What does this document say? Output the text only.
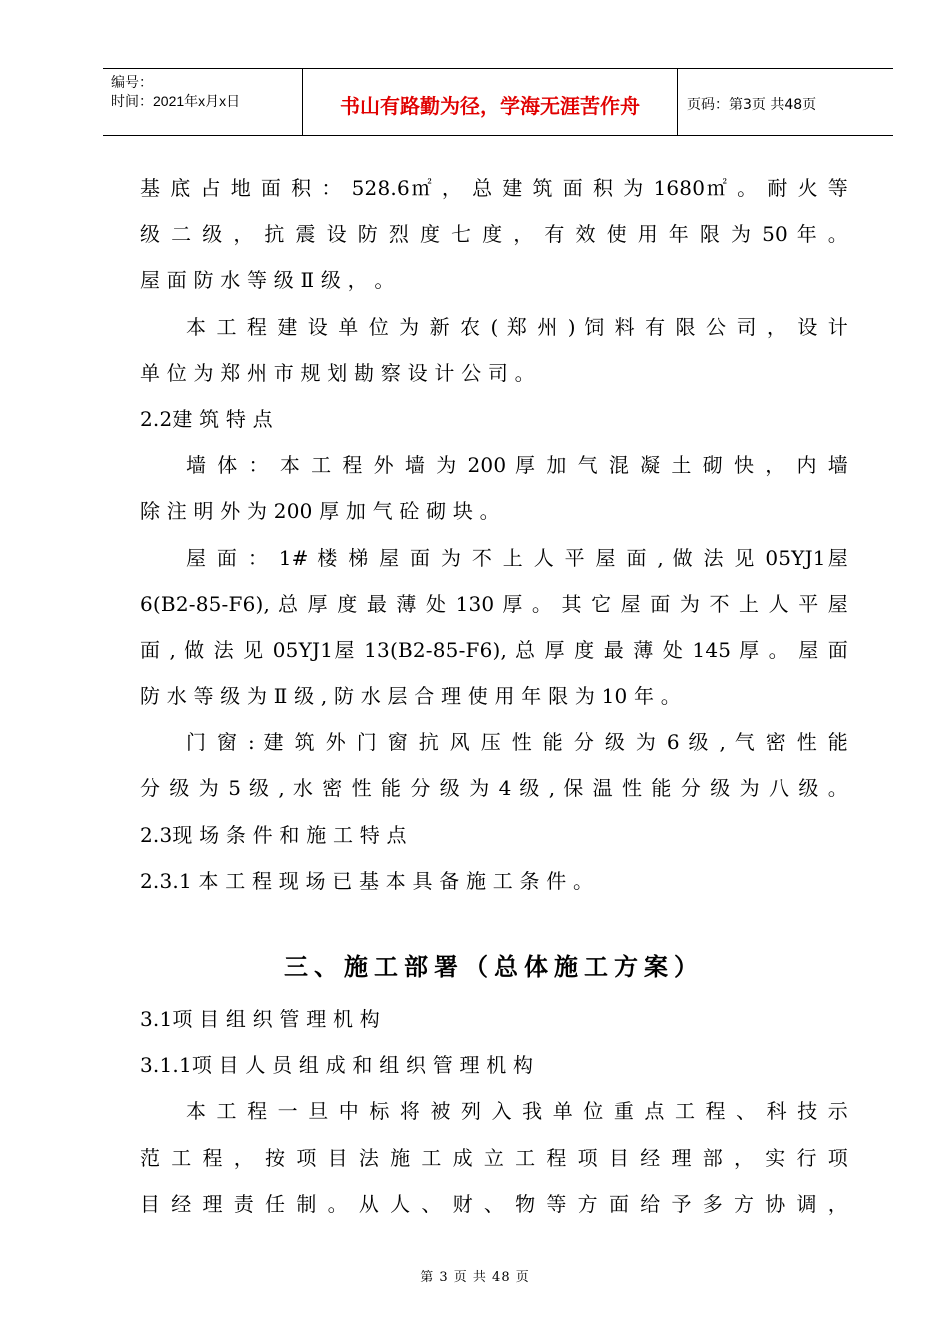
编号：
时间：2021年x月x日	书山有路勤为径，学海无涯苦作舟	页码：第3页 共48页
基 底 占 地 面 积 ： 528.6㎡ ， 总 建 筑 面 积 为 1680㎡ 。 耐 火 等
级 二 级 ， 抗 震 设 防 烈 度 七 度 ， 有 效 使 用 年 限 为 50 年 。
屋 面 防 水 等 级 Ⅱ 级 ， 。
本 工 程 建 设 单 位 为 新 农 ( 郑 州 ) 饲 料 有 限 公 司 ， 设 计
单 位 为 郑 州 市 规 划 勘 察 设 计 公 司 。
2.2建 筑 特 点
墙 体 ： 本 工 程 外 墙 为 200 厚 加 气 混 凝 土 砌 快 ， 内 墙
除 注 明 外 为 200 厚 加 气 砼 砌 块 。
屋 面 ： 1# 楼 梯 屋 面 为 不 上 人 平 屋 面 , 做 法 见 05YJ1屋
6(B2-85-F6), 总 厚 度 最 薄 处 130 厚 。 其 它 屋 面 为 不 上 人 平 屋
面 , 做 法 见 05YJ1屋 13(B2-85-F6), 总 厚 度 最 薄 处 145 厚 。 屋 面
防 水 等 级 为 Ⅱ 级 , 防 水 层 合 理 使 用 年 限 为 10 年 。
门 窗 : 建 筑 外 门 窗 抗 风 压 性 能 分 级 为 6 级 , 气 密 性 能
分 级 为 5 级 , 水 密 性 能 分 级 为 4 级 , 保 温 性 能 分 级 为 八 级 。
2.3现 场 条 件 和 施 工 特 点
2.3.1 本 工 程 现 场 已 基 本 具 备 施 工 条 件 。
三、施工部署（总体施工方案）
3.1项 目 组 织 管 理 机 构
3.1.1项 目 人 员 组 成 和 组 织 管 理 机 构
本 工 程 一 旦 中 标 将 被 列 入 我 单 位 重 点 工 程 、 科 技 示
范 工 程 ， 按 项 目 法 施 工 成 立 工 程 项 目 经 理 部 ， 实 行 项
目 经 理 责 任 制 。 从 人 、 财 、 物 等 方 面 给 予 多 方 协 调 ，
第 3 页 共 48 页
